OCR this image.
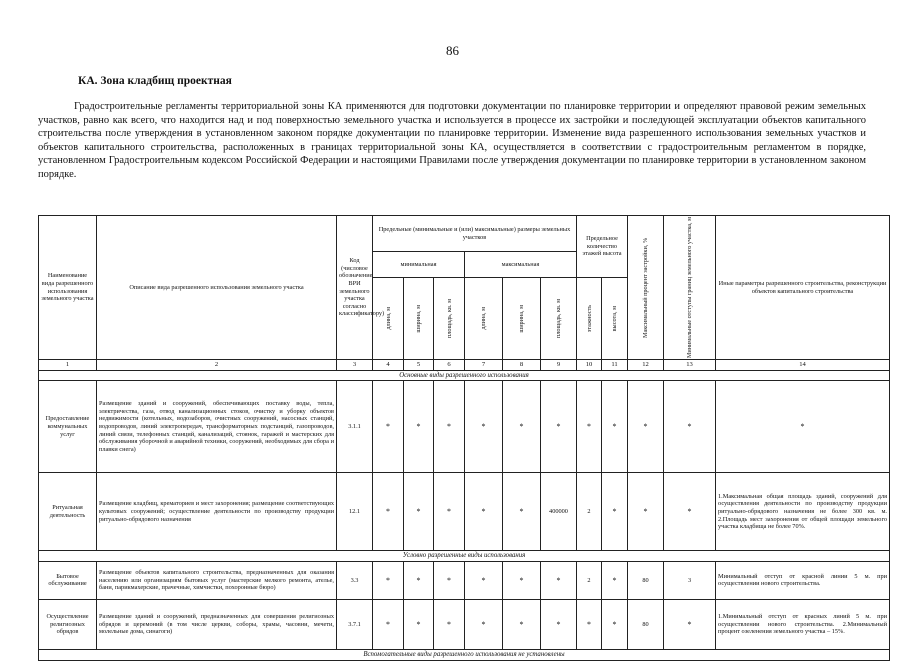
86
КА. Зона кладбищ проектная

Градостроительные регламенты территориальной зоны КА применяются для подготовки документации по планировке территории и определяют правовой режим земельных участков, равно как всего, что находится над и под поверхностью земельного участка и используется в процессе их застройки и последующей эксплуатации объектов капитального строительства после утверждения в установленном законом порядке документации по планировке территории. Изменение вида разрешенного использования земельных участков и объектов капитального строительства, расположенных в границах территориальной зоны КА, осуществляется в соответствии с градостроительным регламентом в порядке, установленном Градостроительным кодексом Российской Федерации и настоящими Правилами после утверждения документации по планировке территории в установленном законом порядке.

Наименование вида разрешенного использования земельного участка	Описание вида разрешенного использования земельного участка	Код (числовое обозначение ВРИ земельного участка согласно классификатору)	Предельные (минимальные и (или) максимальные) размеры земельных участков						Предельное количество этажей высота		Максимальный процент застройки, %	Минимальные отступы границ земельного участка, м	Иные параметры разрешенного строительства, реконструкции объектов капитального строительства
			минимальная			максимальная							

			длина, м	ширина, м	площадь, кв. м	длина, м	ширина, м	площадь, кв. м	этажность	высота, м			

1	2	3	4	5	6	7	8	9	10	11	12	13	14
Основные виды разрешенного использования													
Предоставление коммунальных услуг	Размещение зданий и сооружений, обеспечивающих поставку воды, тепла, электричества, газа, отвод канализационных стоков, очистку и уборку объектов недвижимости (котельных, водозаборов, очистных сооружений, насосных станций, водопроводов, линий электропередач, трансформаторных подстанций, газопроводов, линий связи, телефонных станций, канализаций, стоянок, гаражей и мастерских для обслуживания уборочной и аварийной техники, сооружений, необходимых для сбора и плавки снега)	3.1.1	*	*	*	*	*	*	*	*	*	*	*
Ритуальная деятельность	Размещение кладбищ, крематориев и мест захоронения; размещение соответствующих культовых сооружений; осуществление деятельности по производству продукции ритуально-обрядового назначения	12.1	*	*	*	*	*	400000	2	*	*	*	1.Максимальная общая площадь зданий, сооружений для осуществления деятельности по производству продукции ритуально-обрядового назначения не более 300 кв. м. 2.Площадь мест захоронения от общей площади земельного участка кладбища не более 70%.
Условно разрешенные виды использования													
Бытовое обслуживание	Размещение объектов капитального строительства, предназначенных для оказания населению или организациям бытовых услуг (мастерские мелкого ремонта, ателье, бани, парикмахерские, прачечные, химчистки, похоронные бюро)	3.3	*	*	*	*	*	*	2	*	80	3	Минимальный отступ от красной линии 5 м. при осуществлении нового строительства.
Осуществление религиозных обрядов	Размещение зданий и сооружений, предназначенных для совершения религиозных обрядов и церемоний (в том числе церкви, соборы, храмы, часовни, мечети, молельные дома, синагоги)	3.7.1	*	*	*	*	*	*	*	*	80	*	1.Минимальный отступ от красных линий 5 м. при осуществлении нового строительства. 2.Минимальный процент озеленения земельного участка – 15%.
Вспомогательные виды разрешенного использования не установлены													
